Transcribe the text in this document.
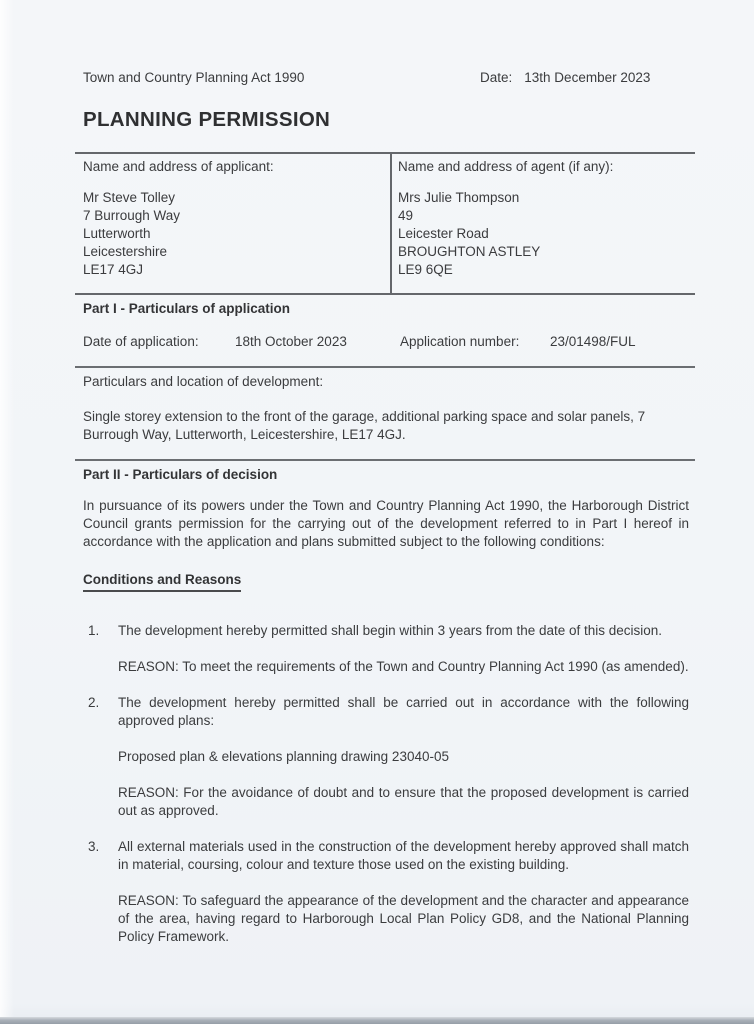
Town and Country Planning Act 1990	Date: 13th December 2023
PLANNING PERMISSION

Name and address of applicant:

Mr Steve Tolley

7 Burrough Way

Lutterworth

Leicestershire

LE17 4GJ

Name and address of agent (if any):

Mrs Julie Thompson

49

Leicester Road

BROUGHTON ASTLEY

LE9 6QE

Part I - Particulars of application
Date of application:	18th October 2023	Application number: 23/01498/FUL

Particulars and location of development:

Single storey extension to the front of the garage, additional parking space and solar panels, 7 Burrough Way, Lutterworth, Leicestershire, LE17 4GJ.

Part II - Particulars of decision

In pursuance of its powers under the Town and Country Planning Act 1990, the Harborough District Council grants permission for the carrying out of the development referred to in Part I hereof in accordance with the application and plans submitted subject to the following conditions:

Conditions and Reasons
1.	The development hereby permitted shall begin within 3 years from the date of this decision.

REASON: To meet the requirements of the Town and Country Planning Act 1990 (as amended).

2.	The development hereby permitted shall be carried out in accordance with the following approved plans:

Proposed plan & elevations planning drawing 23040-05

REASON: For the avoidance of doubt and to ensure that the proposed development is carried out as approved.

3.	All external materials used in the construction of the development hereby approved shall match in material, coursing, colour and texture those used on the existing building.

REASON: To safeguard the appearance of the development and the character and appearance of the area, having regard to Harborough Local Plan Policy GD8, and the National Planning Policy Framework.
